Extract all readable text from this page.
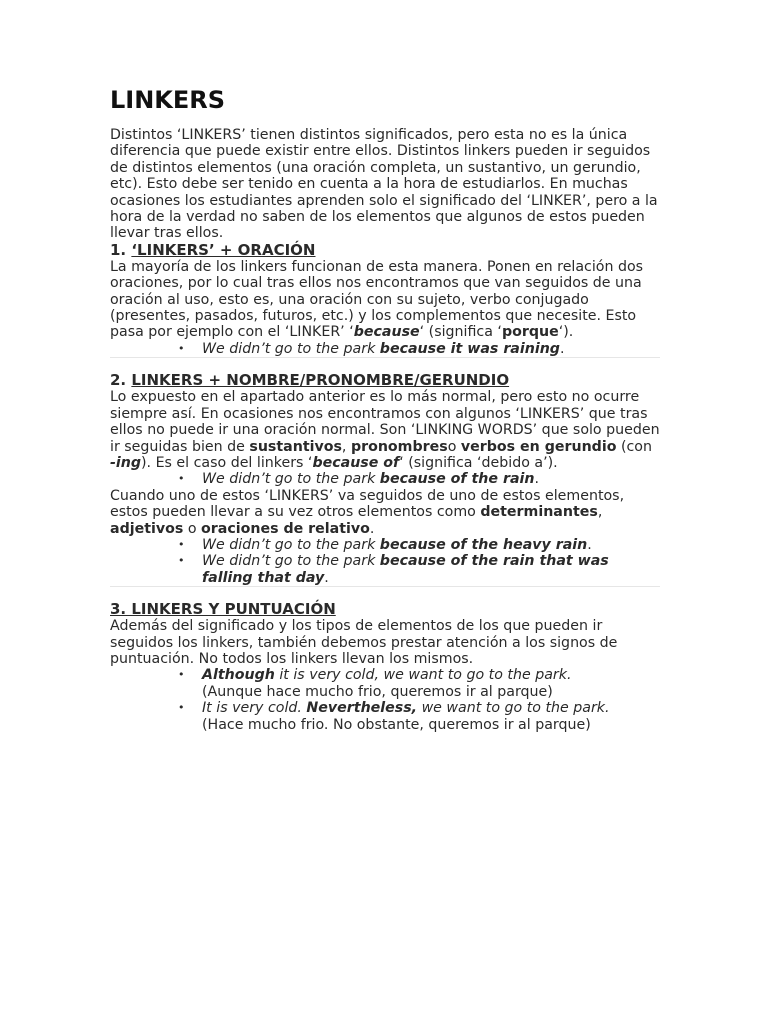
LINKERS

Distintos ‘LINKERS’ tienen distintos significados, pero esta no es la única diferencia que puede existir entre ellos. Distintos linkers pueden ir seguidos de distintos elementos (una oración completa, un sustantivo, un gerundio, etc). Esto debe ser tenido en cuenta a la hora de estudiarlos. En muchas ocasiones los estudiantes aprenden solo el significado del ‘LINKER’, pero a la hora de la verdad no saben de los elementos que algunos de estos pueden llevar tras ellos.

1. ‘LINKERS’ + ORACIÓN

La mayoría de los linkers funcionan de esta manera. Ponen en relación dos oraciones, por lo cual tras ellos nos encontramos que van seguidos de una oración al uso, esto es, una oración con su sujeto, verbo conjugado (presentes, pasados, futuros, etc.) y los complementos que necesite. Esto pasa por ejemplo con el ‘LINKER’ ‘because‘ (significa ‘porque‘).

• We didn’t go to the park because it was raining.
2. LINKERS + NOMBRE/PRONOMBRE/GERUNDIO

Lo expuesto en el apartado anterior es lo más normal, pero esto no ocurre siempre así. En ocasiones nos encontramos con algunos ‘LINKERS’ que tras ellos no puede ir una oración normal. Son ‘LINKING WORDS’ que solo pueden ir seguidas bien de sustantivos, pronombreso verbos en gerundio (con -ing). Es el caso del linkers ‘because of‘ (significa ‘debido a’).

• We didn’t go to the park because of the rain.

Cuando uno de estos ‘LINKERS’ va seguidos de uno de estos elementos, estos pueden llevar a su vez otros elementos como determinantes, adjetivos o oraciones de relativo.

• We didn’t go to the park because of the heavy rain.
• We didn’t go to the park because of the rain that was falling that day.
3. LINKERS Y PUNTUACIÓN

Además del significado y los tipos de elementos de los que pueden ir seguidos los linkers, también debemos prestar atención a los signos de puntuación. No todos los linkers llevan los mismos.

• Although it is very cold, we want to go to the park.
(Aunque hace mucho frio, queremos ir al parque)
• It is very cold. Nevertheless, we want to go to the park.
(Hace mucho frio. No obstante, queremos ir al parque)
